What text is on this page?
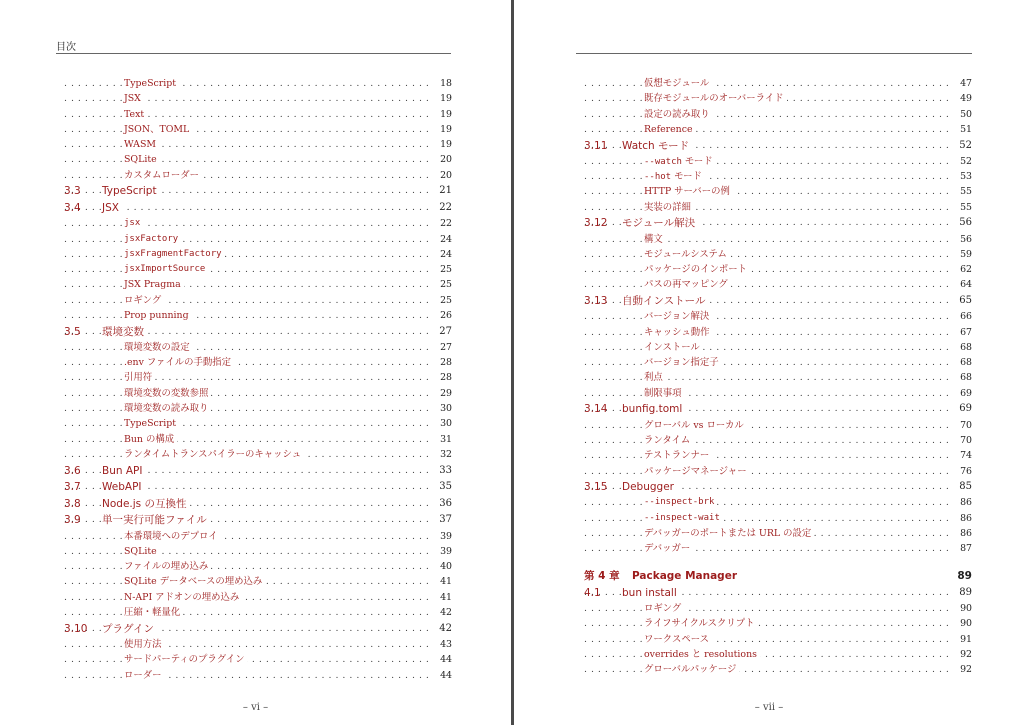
目次
. . .
TypeScript	18
. . .
JSX	19
. . .
Text	19
. . .
JSON、TOML	19
. . .
WASM	19
. . .
SQLite	20
. . .
カスタムローダー	20
. . .
3.3 TypeScript	21
. . .
3.4 JSX	22
. . .
jsx	22
. . .
jsxFactory	24
. . .
jsxFragmentFactory	24
. . .
jsxImportSource	25
. . .
JSX Pragma	25
. . .
ロギング	25
. . .
Prop punning	26
. . .
3.5 環境変数	27
. . .
環境変数の設定	27
. . .
.env ファイルの手動指定	28
. . .
引用符	28
. . .
環境変数の変数参照	29
. . .
環境変数の読み取り	30
. . .
TypeScript	30
. . .
Bun の構成	31
. . .
ランタイムトランスパイラーのキャッシュ	32
. . .
3.6 Bun API	33
. . .
3.7 WebAPI	35
. . .
3.8 Node.js の互換性	36
. . .
3.9 単一実行可能ファイル	37
. . .
本番環境へのデプロイ	39
. . .
SQLite	39
. . .
ファイルの埋め込み	40
. . .
SQLite データベースの埋め込み	41
. . .
N-API アドオンの埋め込み	41
. . .
圧縮・軽量化	42
. . .
3.10 プラグイン	42
. . .
使用方法	43
. . .
サードパーティのプラグイン	44
. . .
ローダー	44
– vi –
. . .
仮想モジュール	47
. . .
既存モジュールのオーバーライド	49
. . .
設定の読み取り	50
. . .
Reference	51
. . .
3.11 Watch モード	52
. . .
--watch モード	52
. . .
--hot モード	53
. . .
HTTP サーバーの例	55
. . .
実装の詳細	55
. . .
3.12 モジュール解決	56
. . .
構文	56
. . .
モジュールシステム	59
. . .
パッケージのインポート	62
. . .
パスの再マッピング	64
. . .
3.13 自動インストール	65
. . .
バージョン解決	66
. . .
キャッシュ動作	67
. . .
インストール	68
. . .
バージョン指定子	68
. . .
利点	68
. . .
制限事項	69
. . .
3.14 bunfig.toml	69
. . .
グローバル vs ローカル	70
. . .
ランタイム	70
. . .
テストランナー	74
. . .
パッケージマネージャー	76
. . .
3.15 Debugger	85
. . .
--inspect-brk	86
. . .
--inspect-wait	86
. . .
デバッガーのポートまたは URL の設定	86
. . .
デバッガー	87
第 4 章 Package Manager	89
. . .
4.1 bun install	89
. . .
ロギング	90
. . .
ライフサイクルスクリプト	90
. . .
ワークスペース	91
. . .
overrides と resolutions	92
. . .
グローバルパッケージ	92
– vii –
